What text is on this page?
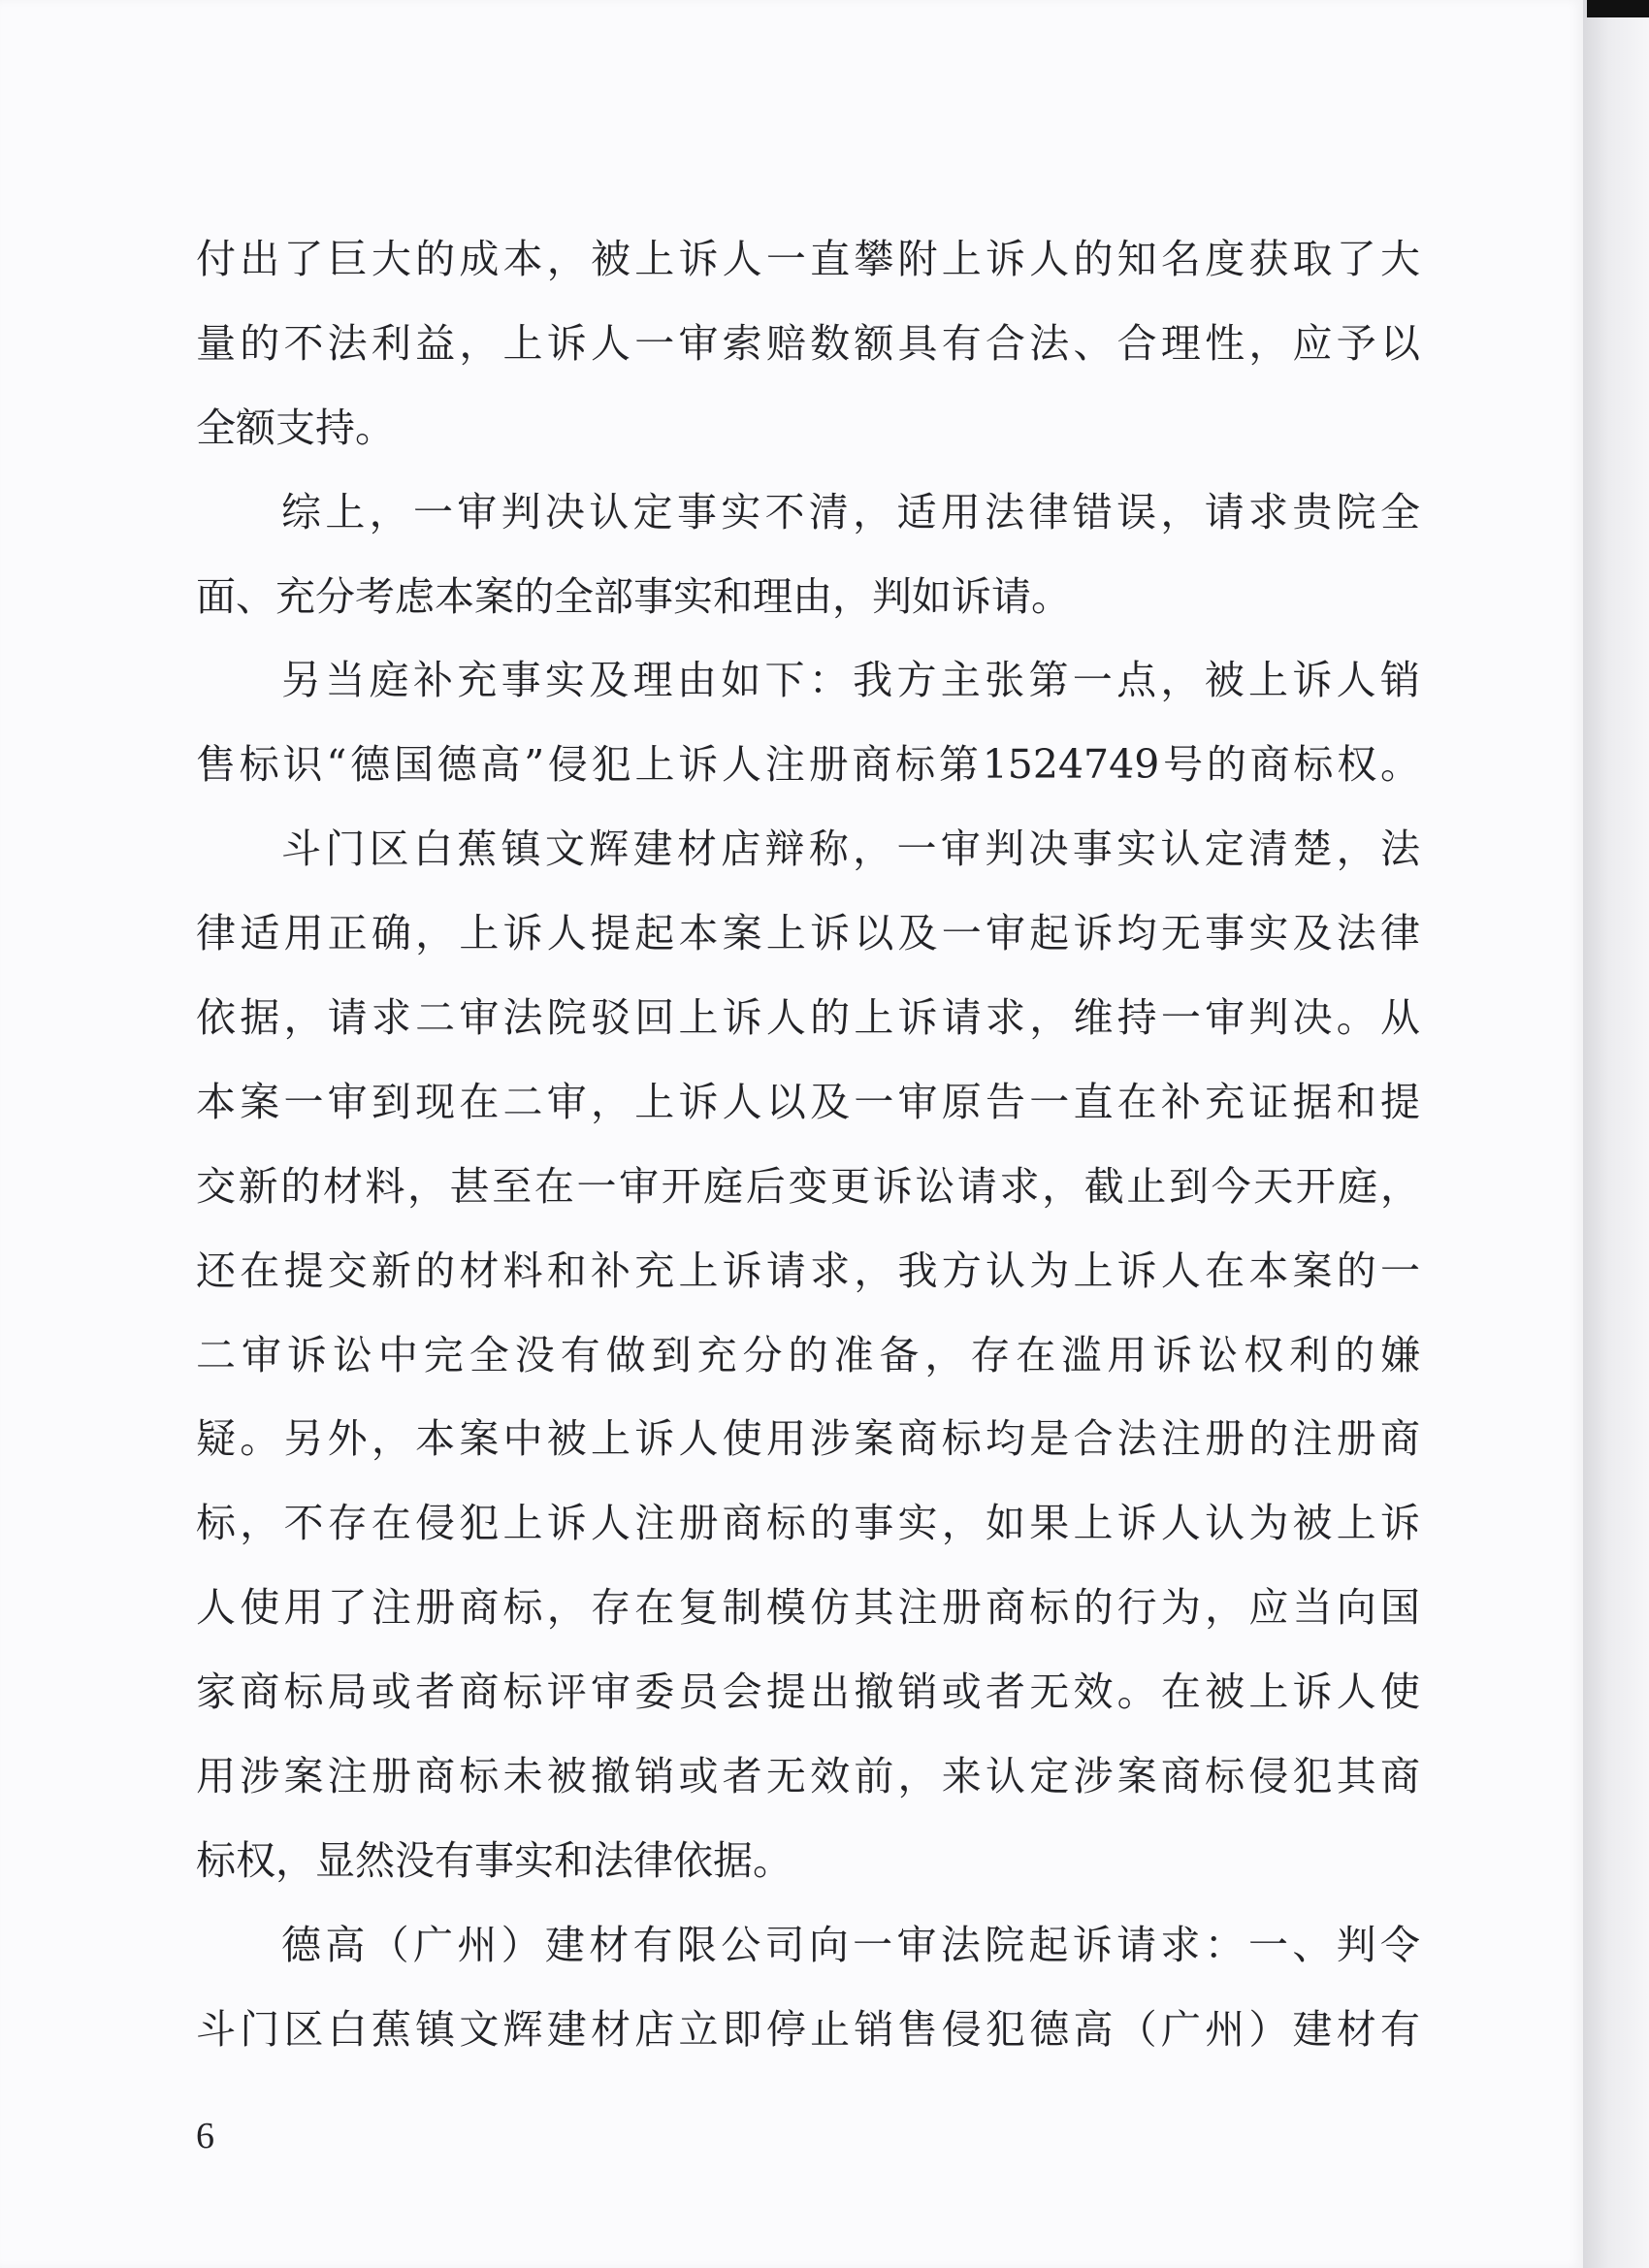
付出了巨大的成本，被上诉人一直攀附上诉人的知名度获取了大
量的不法利益，上诉人一审索赔数额具有合法、合理性，应予以
全额支持。
综上，一审判决认定事实不清，适用法律错误，请求贵院全
面、充分考虑本案的全部事实和理由，判如诉请。
另当庭补充事实及理由如下：我方主张第一点，被上诉人销
售标识“德国德高”侵犯上诉人注册商标第1524749号的商标权。
斗门区白蕉镇文辉建材店辩称，一审判决事实认定清楚，法
律适用正确，上诉人提起本案上诉以及一审起诉均无事实及法律
依据，请求二审法院驳回上诉人的上诉请求，维持一审判决。从
本案一审到现在二审，上诉人以及一审原告一直在补充证据和提
交新的材料，甚至在一审开庭后变更诉讼请求，截止到今天开庭，
还在提交新的材料和补充上诉请求，我方认为上诉人在本案的一
二审诉讼中完全没有做到充分的准备，存在滥用诉讼权利的嫌
疑。另外，本案中被上诉人使用涉案商标均是合法注册的注册商
标，不存在侵犯上诉人注册商标的事实，如果上诉人认为被上诉
人使用了注册商标，存在复制模仿其注册商标的行为，应当向国
家商标局或者商标评审委员会提出撤销或者无效。在被上诉人使
用涉案注册商标未被撤销或者无效前，来认定涉案商标侵犯其商
标权，显然没有事实和法律依据。
德高（广州）建材有限公司向一审法院起诉请求：一、判令
斗门区白蕉镇文辉建材店立即停止销售侵犯德高（广州）建材有
6
